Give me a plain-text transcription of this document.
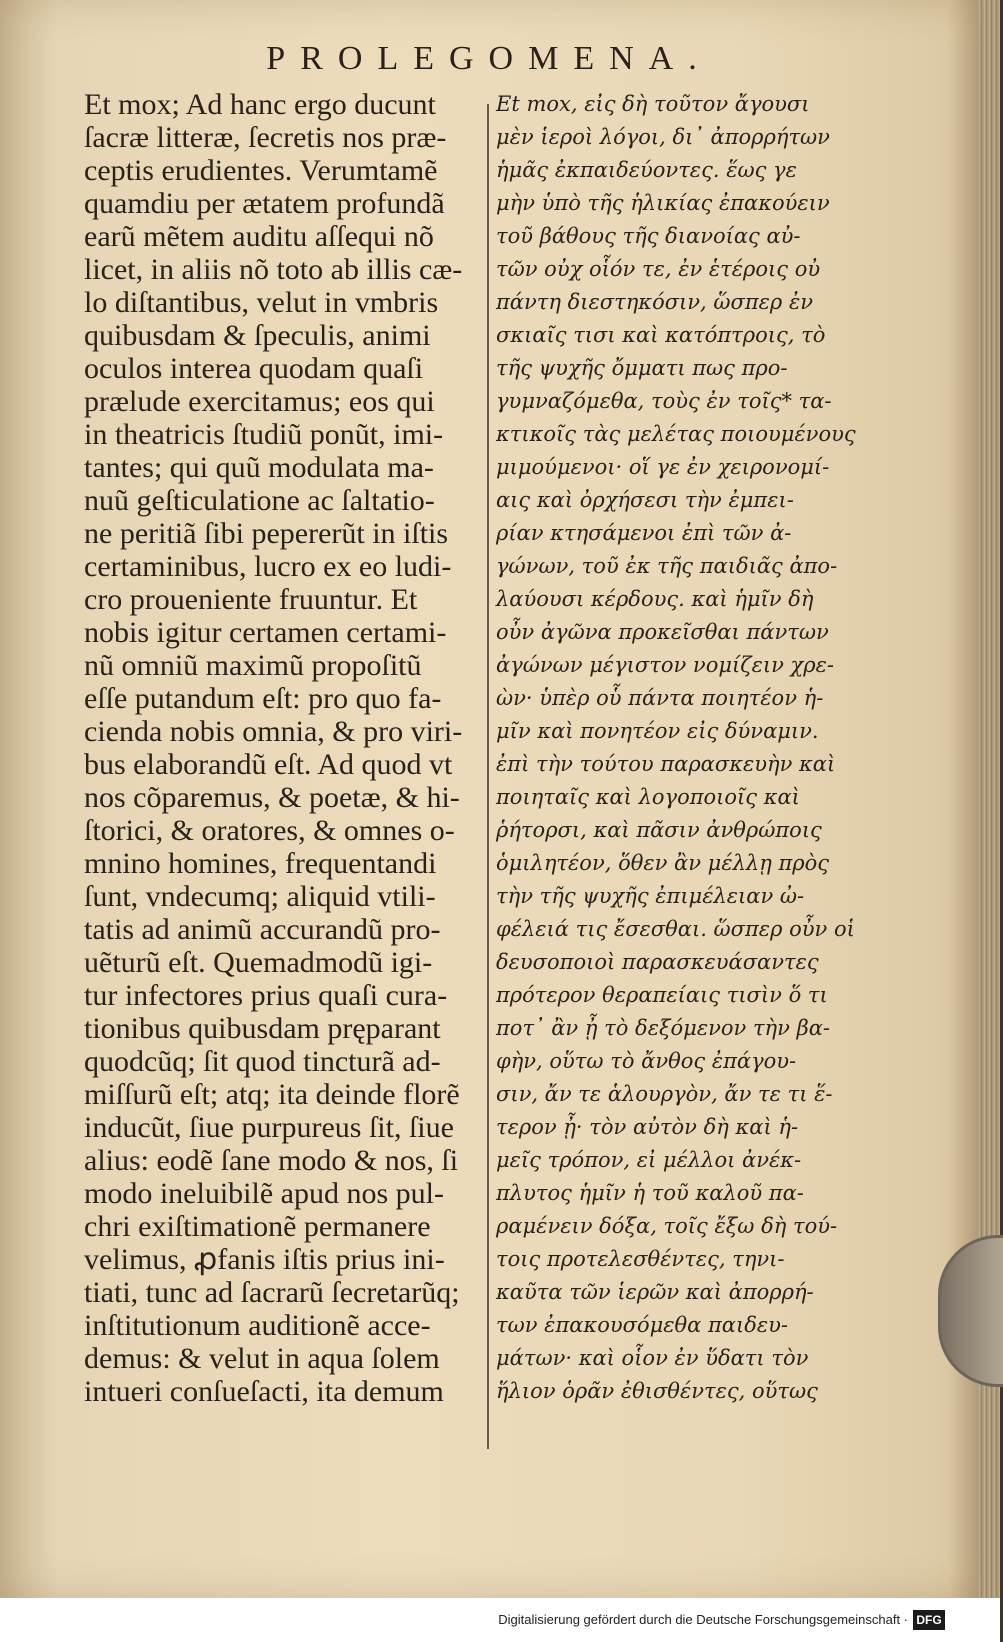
PROLEGOMENA.
Et mox; Ad hanc ergo ducunt
ſacræ litteræ, ſecretis nos præ-
ceptis erudientes. Verumtamẽ
quamdiu per ætatem profundã
earũ mẽtem auditu aſſequi nõ
licet, in aliis nõ toto ab illis cæ-
lo diſtantibus, velut in vmbris
quibusdam & ſpeculis, animi
oculos interea quodam quaſi
prælude exercitamus; eos qui
in theatricis ſtudiũ ponũt, imi-
tantes; qui quũ modulata ma-
nuũ geſticulatione ac ſaltatio-
ne peritiã ſibi pepererũt in iſtis
certaminibus, lucro ex eo ludi-
cro proueniente fruuntur. Et
nobis igitur certamen certami-
nũ omniũ maximũ propoſitũ
eſſe putandum eſt: pro quo fa-
cienda nobis omnia, & pro viri-
bus elaborandũ eſt. Ad quod vt
nos cõparemus, & poetæ, & hi-
ſtorici, & oratores, & omnes o-
mnino homines, frequentandi
ſunt, vndecumq; aliquid vtili-
tatis ad animũ accurandũ pro-
uẽturũ eſt. Quemadmodũ igi-
tur infectores prius quaſi cura-
tionibus quibusdam pręparant
quodcũq; ſit quod tincturã ad-
miſſurũ eſt; atq; ita deinde florẽ
inducũt, ſiue purpureus ſit, ſiue
alius: eodẽ ſane modo & nos, ſi
modo ineluibilẽ apud nos pul-
chri exiſtimationẽ permanere
velimus, ꝓfanis iſtis prius ini-
tiati, tunc ad ſacrarũ ſecretarũq;
inſtitutionum auditionẽ acce-
demus: & velut in aqua ſolem
intueri conſueſacti, ita demum
Et mox, εἰς δὴ τοῦτον ἄγουσι
μὲν ἱεροὶ λόγοι, δι᾽ ἀπορρήτων
ἡμᾶς ἐκπαιδεύοντες. ἕως γε
μὴν ὑπὸ τῆς ἡλικίας ἐπακούειν
τοῦ βάθους τῆς διανοίας αὐ-
τῶν οὐχ οἷόν τε, ἐν ἑτέροις οὐ
πάντη διεστηκόσιν, ὥσπερ ἐν
σκιαῖς τισι καὶ κατόπτροις, τὸ
τῆς ψυχῆς ὄμματι πως προ-
γυμναζόμεθα, τοὺς ἐν τοῖς* τα-
κτικοῖς τὰς μελέτας ποιουμένους
μιμούμενοι· οἵ γε ἐν χειρονομί-
αις καὶ ὀρχήσεσι τὴν ἐμπει-
ρίαν κτησάμενοι ἐπὶ τῶν ἀ-
γώνων, τοῦ ἐκ τῆς παιδιᾶς ἀπο-
λαύουσι κέρδους. καὶ ἡμῖν δὴ
οὖν ἀγῶνα προκεῖσθαι πάντων
ἀγώνων μέγιστον νομίζειν χρε-
ὼν· ὑπὲρ οὗ πάντα ποιητέον ἡ-
μῖν καὶ πονητέον εἰς δύναμιν.
ἐπὶ τὴν τούτου παρασκευὴν καὶ
ποιηταῖς καὶ λογοποιοῖς καὶ
ῥήτορσι, καὶ πᾶσιν ἀνθρώποις
ὁμιλητέον, ὅθεν ἂν μέλλῃ πρὸς
τὴν τῆς ψυχῆς ἐπιμέλειαν ὠ-
φέλειά τις ἔσεσθαι. ὥσπερ οὖν οἱ
δευσοποιοὶ παρασκευάσαντες
πρότερον θεραπείαις τισὶν ὅ τι
ποτ᾽ ἂν ᾖ τὸ δεξόμενον τὴν βα-
φὴν, οὕτω τὸ ἄνθος ἐπάγου-
σιν, ἄν τε ἁλουργὸν, ἄν τε τι ἕ-
τερον ᾖ· τὸν αὐτὸν δὴ καὶ ἡ-
μεῖς τρόπον, εἰ μέλλοι ἀνέκ-
πλυτος ἡμῖν ἡ τοῦ καλοῦ πα-
ραμένειν δόξα, τοῖς ἔξω δὴ τού-
τοις προτελεσθέντες, τηνι-
καῦτα τῶν ἱερῶν καὶ ἀπορρή-
των ἐπακουσόμεθα παιδευ-
μάτων· καὶ οἷον ἐν ὕδατι τὸν
ἥλιον ὁρᾶν ἐθισθέντες, οὕτως
Digitalisierung gefördert durch die Deutsche Forschungsgemeinschaft · DFG
